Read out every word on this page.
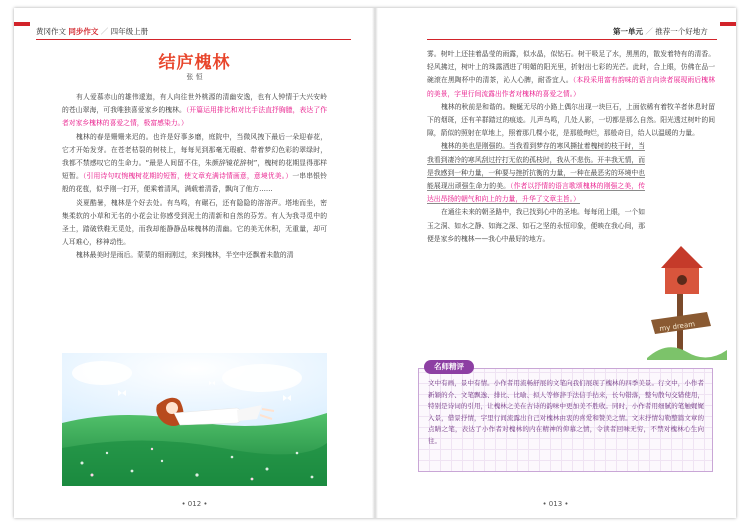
黄冈作文 同步作文 ／ 四年级上册
结庐槐林
张 恒

有人爱慕赤山的雄伟逶迤，有人向往世外桃源的清幽安逸，也有人钟情于大兴安岭的苍山翠海，可我唯独喜爱家乡的槐林。（开篇运用排比和对比手法直抒胸臆，表达了作者对家乡槐林的喜爱之情，极富感染力。）

槐林的春是姗姗来迟的。也许是好事多磨，庭院中，当微风拽下最后一朵迎春花，它才开始发芽。在苍老枯裂的树枝上，每每见到那毫无瑕疵、带着梦幻色彩的翠绿时，我都不禁感叹它的生命力。“最是人间留不住，朱颜辞镜花辞树”，槐树的花期显得那样短暂。（引用诗句叹惋槐树花期的短暂，使文章充满诗情画意，意境优美。）一串串银铃般的花苞，似乎刚一打开，便乘着清风，满载着清香，飘向了他方……

炎夏酷暑，槐林是个好去处。有鸟鸣，有碾石，还有隐隐的溶溶声。塔地而坐，密集柔软的小草和无名的小花会让你感受到泥土的清新和自然的芬芳。有人为我寻觅中的圣土，踏破铁鞋无觅处，而我却能静静品味槐林的清幽。它的美无休积，无重量，却可人耳难心，移神动性。

槐林最美时是雨后。蒙蒙的细雨刚过，来到槐林，半空中还飘着未散的清

• 012 •
第一单元 ／ 推荐一个好地方

雾。树叶上还挂着晶莹的雨露，似水晶，似钻石。树干吸足了水，黑黑的，散发着特有的清香。轻风拂过，树叶上的珠露洒进了明媚的阳光里，折射出七彩的光芒。此时，合上眼，仿佛在品一碗滚在黑陶杯中的清茶，沁人心脾，耐香宜人。（本段采用富有韵味的语言向读者展现雨后槐林的美景，字里行间流露出作者对槐林的喜爱之情。）

槐林的秋前是和谐的。蜿蜒无尽的小路上偶尔出现一块巨石，上面依稀有着牧羊者休息时留下的烟斑，还有羊群踏过的痕迹。儿声鸟鸣，几处人影，一切都是那么自然。阳光透过树叶的间隙，箭似的照射在草地上，照着那几棵小花，是那般绚烂，那般奇目，给人以温暖的力量。

槐林的美也是刚强的。当我看到梦存的寒风撕扯着槐树的枝干时，当我看到凄冷的寒风刮过拧打无依的孤枝时，我从不悲伤。开丰我无情，而是我感到一种力量，一种要与挫折抗衡的力量，一种在最恶劣的环境中也能展现出顽强生命力的美。（作者以抒情的语言歌颂槐林的刚强之美，传达出昂扬的朝气和向上的力量，升华了文章主旨。）

在通往未来的朝圣路中，我已找到心中的圣地。每每闭上眼，一个如玉之洞、如水之静、如海之深、如石之坚的永恒印象，便映在我心间，那便是家乡的槐林——我心中最好的地方。

my dream
• 013 •
名师精评
文中有画，景中有情。小作者用流畅舒展的文笔向我们展现了槐林的四季美景。行文中，小作者新颖的介、文笔飘逸、排比、比喻、拟人等修辞手法信手拈来，长句错落，整句散句交错使用，特别是诗词的引用，让槐林之美在古诗的韵味中更加美不胜收。同时，小作者用细腻的笔触娓娓入景，借景抒情，字里行间流露出自己对槐林由衷的喜爱和赞美之情。文末抒情勾勒整篇文章的点睛之笔，表达了小作者对槐林的内在精神的仰慕之情，令读者回味无穷，不禁对槐林心生向往。
